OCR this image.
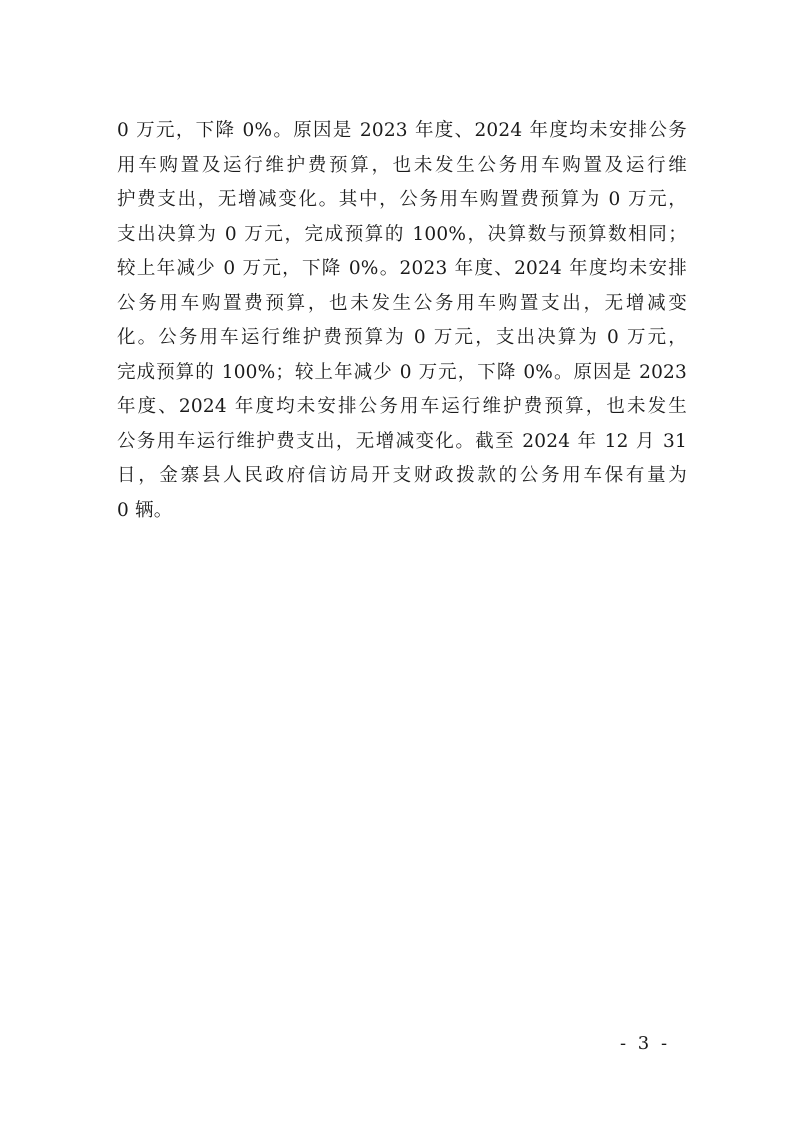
0 万元，下降 0%。原因是 2023 年度、2024 年度均未安排公务
用车购置及运行维护费预算，也未发生公务用车购置及运行维
护费支出，无增减变化。其中，公务用车购置费预算为 0 万元，
支出决算为 0 万元，完成预算的 100%，决算数与预算数相同；
较上年减少 0 万元，下降 0%。2023 年度、2024 年度均未安排
公务用车购置费预算，也未发生公务用车购置支出，无增减变
化。公务用车运行维护费预算为 0 万元，支出决算为 0 万元，
完成预算的 100%；较上年减少 0 万元，下降 0%。原因是 2023
年度、2024 年度均未安排公务用车运行维护费预算，也未发生
公务用车运行维护费支出，无增减变化。截至 2024 年 12 月 31
日，金寨县人民政府信访局开支财政拨款的公务用车保有量为
0 辆。
- 3 -
